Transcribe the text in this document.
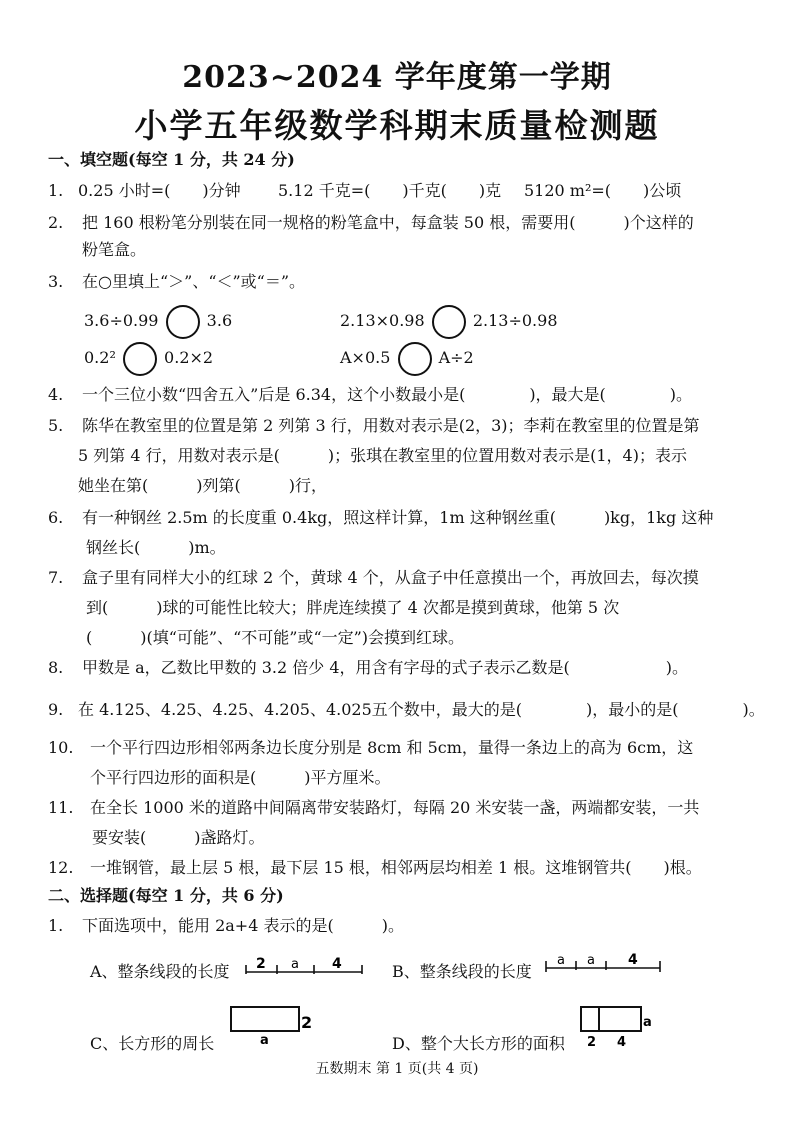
2023~2024 学年度第一学期
小学五年级数学科期末质量检测题
一、填空题(每空 1 分，共 24 分)
1. 0.25 小时=(　　)分钟 5.12 千克=(　　)千克(　　)克 5120 m²=(　　)公顷
2. 把 160 根粉笔分别装在同一规格的粉笔盒中，每盒装 50 根，需要用(　　　)个这样的
粉笔盒。
3. 在○里填上“＞”、“＜”或“＝”。
3.6÷0.99	3.6	2.13×0.98	2.13÷0.98
0.2²	0.2×2	A×0.5	A÷2
4. 一个三位小数“四舍五入”后是 6.34，这个小数最小是(　　　　)，最大是(　　　　)。
5. 陈华在教室里的位置是第 2 列第 3 行，用数对表示是(2，3)；李莉在教室里的位置是第
5 列第 4 行，用数对表示是(　　　)；张琪在教室里的位置用数对表示是(1，4)；表示
她坐在第(　　　)列第(　　　)行，
6. 有一种钢丝 2.5m 的长度重 0.4kg，照这样计算，1m 这种钢丝重(　　　)kg，1kg 这种
钢丝长(　　　)m。
7. 盒子里有同样大小的红球 2 个，黄球 4 个，从盒子中任意摸出一个，再放回去，每次摸
到(　　　)球的可能性比较大；胖虎连续摸了 4 次都是摸到黄球，他第 5 次
(　　　)(填“可能”、“不可能”或“一定”)会摸到红球。
8. 甲数是 a，乙数比甲数的 3.2 倍少 4，用含有字母的式子表示乙数是(　　　　　　)。
9. 在 4.125、4.25、4.25、4.205、4.025五个数中，最大的是(　　　　)，最小的是(　　　　)。
10. 一个平行四边形相邻两条边长度分别是 8cm 和 5cm，量得一条边上的高为 6cm，这
个平行四边形的面积是(　　　)平方厘米。
11. 在全长 1000 米的道路中间隔离带安装路灯，每隔 20 米安装一盏，两端都安装，一共
要安装(　　　)盏路灯。
12. 一堆钢管，最上层 5 根，最下层 15 根，相邻两层均相差 1 根。这堆钢管共(　　)根。
二、选择题(每空 1 分，共 6 分)
1. 下面选项中，能用 2a+4 表示的是(　　　)。
A、整条线段的长度 2 a 4	B、整条线段的长度
a a 4
C、长方形的周长
2
a	D、整个大长方形的面积
a
2 4
五数期末 第 1 页(共 4 页)
